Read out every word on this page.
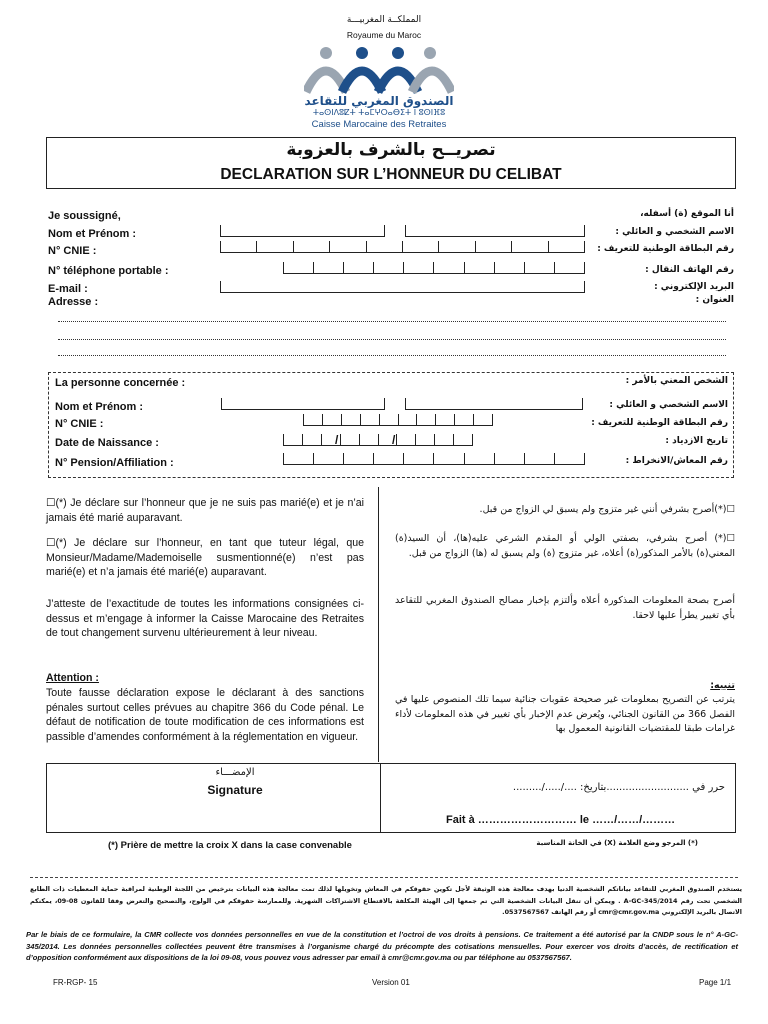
المملكــة المغربيـــة
Royaume du Maroc
الصندوق المغربي للتقاعد
ⵜⴰⵙⵏⴷⵓⵇⵜ ⵜⴰⵎⵖⵔⴰⴱⵉⵜ ⵏ ⵓⵙⵏⴼⵓ
Caisse Marocaine des Retraites
تصريــح بالشرف بالعزوبة
DECLARATION SUR L’HONNEUR DU CELIBAT
Je soussigné,	أنا الموقع (ة) أسفله،
Nom et Prénom :	الاسم الشخصي و العائلي :
N° CNIE :	رقم البطاقة الوطنية للتعريف :
N° téléphone portable :	رقم الهاتف النقال :
E-mail :	البريد الإلكتروني :
Adresse :	العنوان :
La personne concernée :	الشخص المعني بالأمر :
Nom et Prénom :	الاسم الشخصي و العائلي :
N° CNIE :	رقم البطاقة الوطنية للتعريف :
Date de Naissance :	/	/	تاريخ الازدياد :
N° Pension/Affiliation :	رقم المعاش/الانخراط :
☐(*) Je déclare sur l’honneur que je ne suis pas marié(e) et je n’ai jamais été marié auparavant.
☐(*) Je déclare sur l’honneur, en tant que tuteur légal, que Monsieur/Madame/Mademoiselle susmentionné(e) n’est pas marié(e) et n’a jamais été marié(e) auparavant.
J’atteste de l’exactitude de toutes les informations consignées ci-dessus et m’engage à informer la Caisse Marocaine des Retraites de tout changement survenu ultérieurement à leur niveau.
Attention :
Toute fausse déclaration expose le déclarant à des sanctions pénales surtout celles prévues au chapitre 366 du Code pénal. Le défaut de notification de toute modification de ces informations est passible d’amendes conformément à la réglementation en vigueur.
☐(*)أصرح بشرفي أنني غير متزوج ولم يسبق لي الزواج من قبل.
☐(*) أصرح بشرفي، بصفتي الولي أو المقدم الشرعي عليه(ها)، أن السيد(ة) المعني(ة) بالأمر المذكور(ة) أعلاه، غير متزوج (ة) ولم يسبق له (ها) الزواج من قبل.
أصرح بصحة المعلومات المذكورة أعلاه وألتزم بإخبار مصالح الصندوق المغربي للتقاعد بأي تغيير يطرأ عليها لاحقا.
تنبيه:
يترتب عن التصريح بمعلومات غير صحيحة عقوبات جنائية سيما تلك المنصوص عليها في الفصل 366 من القانون الجنائي، ويُعرض عدم الإخبار بأي تغيير في هذه المعلومات لأداء غرامات طبقا للمقتضيات القانونية المعمول بها
الإمضـــاء
Signature	حرر في ..........................بتاريخ: ..../...../.........
Fait à ……………………… le ……/……/………
(*) Prière de mettre la croix X dans la case convenable	(*) المرجو وضع العلامة (X) في الخانة المناسبة
يستخدم الصندوق المغربي للتقاعد بياناتكم الشخصية الدنيا بهدف معالجة هذه الوثيقة لأجل تكوين حقوقكم في المعاش وتخويلها لذلك تمت معالجة هذه البيانات بترخيص من اللجنة الوطنية لمراقبة حماية المعطيات ذات الطابع الشخصي تحت رقم A-GC-345/2014 . ويمكن أن تنقل البيانات الشخصية التي تم جمعها إلى الهيئة المكلفة بالاقتطاع الاشتراكات الشهرية. وللممارسة حقوقكم في الولوج، والتصحيح والتعرض وفقا للقانون 08-09، يمكنكم الاتصال بالبريد الإلكتروني cmr@cmr.gov.ma أو رقم الهاتف 0537567567.
Par le biais de ce formulaire, la CMR collecte vos données personnelles en vue de la constitution et l’octroi de vos droits à pensions. Ce traitement a été autorisé par la CNDP sous le n° A-GC-345/2014. Les données personnelles collectées peuvent être transmises à l’organisme chargé du précompte des cotisations mensuelles. Pour exercer vos droits d’accès, de rectification et d’opposition conformément aux dispositions de la loi 09-08, vous pouvez vous adresser par email à cmr@cmr.gov.ma ou par téléphone au 0537567567.
FR-RGP- 15	Version 01	Page 1/1
